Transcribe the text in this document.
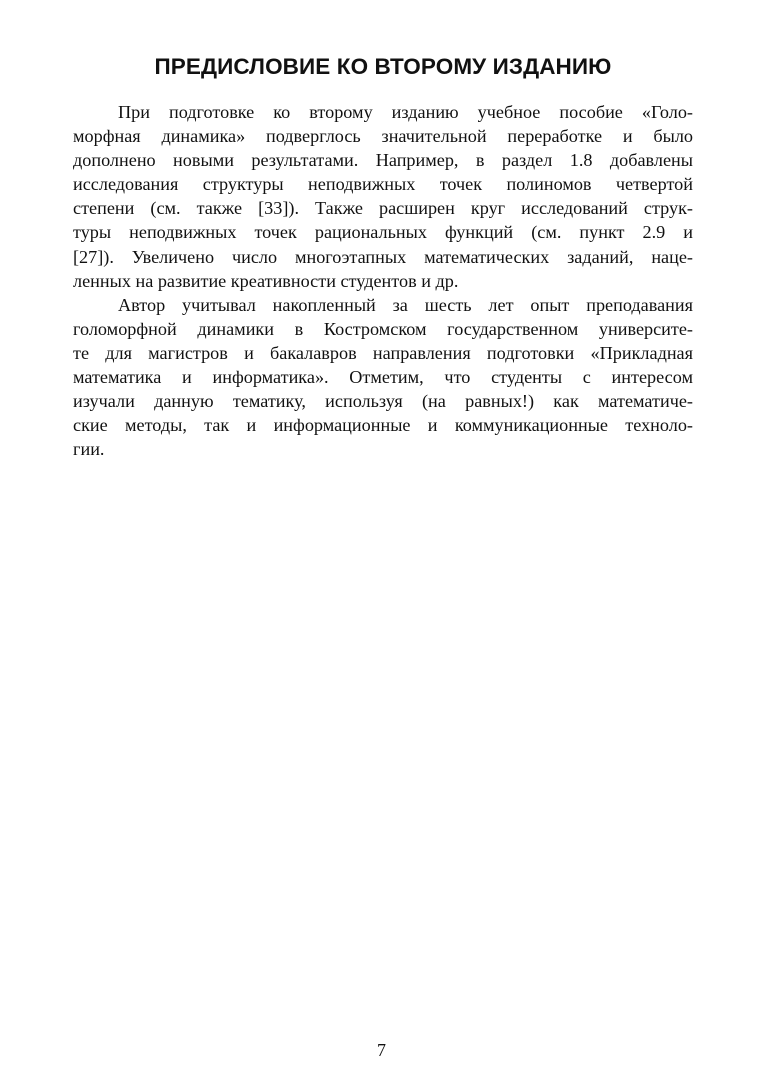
ПРЕДИСЛОВИЕ КО ВТОРОМУ ИЗДАНИЮ

При подготовке ко второму изданию учебное пособие «Голо-
морфная динамика» подверглось значительной переработке и было
дополнено новыми результатами. Например, в раздел 1.8 добавлены
исследования структуры неподвижных точек полиномов четвертой
степени (см. также [33]). Также расширен круг исследований струк-
туры неподвижных точек рациональных функций (см. пункт 2.9 и
[27]). Увеличено число многоэтапных математических заданий, наце-
ленных на развитие креативности студентов и др.

Автор учитывал накопленный за шесть лет опыт преподавания
голоморфной динамики в Костромском государственном университе-
те для магистров и бакалавров направления подготовки «Прикладная
математика и информатика». Отметим, что студенты с интересом
изучали данную тематику, используя (на равных!) как математиче-
ские методы, так и информационные и коммуникационные техноло-
гии.

7
